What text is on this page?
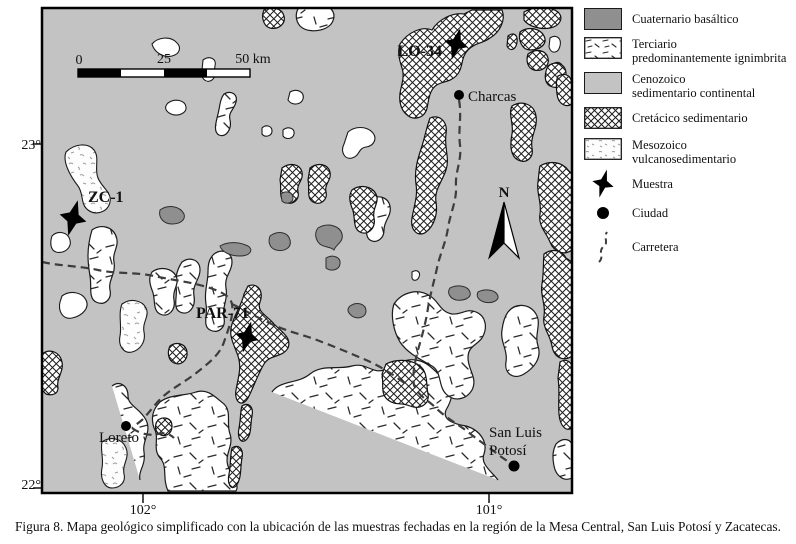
0	25	50 km
N
ZC-1
LO-34
PAR-71
Charcas
Loreto	San Luis
Potosí
23°
22°
102°	101°
Cuaternario basáltico
Terciario
predominantemente ignimbrita
Cenozoico
sedimentario continental
Cretácico sedimentario
Mesozoico
vulcanosedimentario
Muestra
Ciudad
Carretera
Figura 8. Mapa geológico simplificado con la ubicación de las muestras fechadas en la región de la Mesa Central, San Luis Potosí y Zacatecas.
